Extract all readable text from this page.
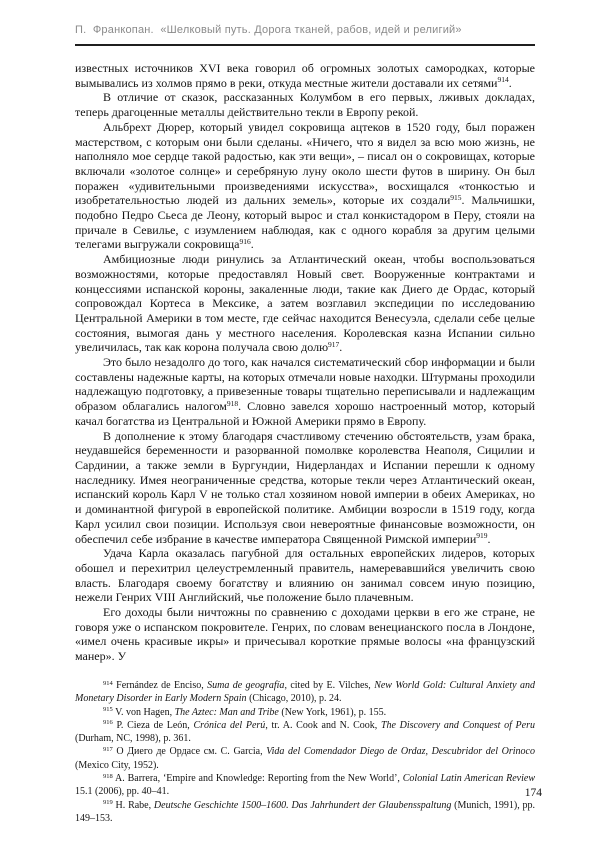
П.  Франкопан.  «Шелковый путь. Дорога тканей, рабов, идей и религий»

известных источников XVI века говорил об огромных золотых самородках, которые вымывались из холмов прямо в реки, откуда местные жители доставали их сетями$^{914}$.

В отличие от сказок, рассказанных Колумбом в его первых, лживых докладах, теперь драгоценные металлы действительно текли в Европу рекой.

Альбрехт Дюрер, который увидел сокровища ацтеков в 1520 году, был поражен мастерством, с которым они были сделаны. «Ничего, что я видел за всю мою жизнь, не наполняло мое сердце такой радостью, как эти вещи», – писал он о сокровищах, которые включали «золотое солнце» и серебряную луну около шести футов в ширину. Он был поражен «удивительными произведениями искусства», восхищался «тонкостью и изобретательностью людей из дальних земель», которые их создали$^{915}$. Мальчишки, подобно Педро Сьеса де Леону, который вырос и стал конкистадором в Перу, стояли на причале в Севилье, с изумлением наблюдая, как с одного корабля за другим целыми телегами выгружали сокровища$^{916}$.

Амбициозные люди ринулись за Атлантический океан, чтобы воспользоваться возможностями, которые предоставлял Новый свет. Вооруженные контрактами и концессиями испанской короны, закаленные люди, такие как Диего де Ордас, который сопровождал Кортеса в Мексике, а затем возглавил экспедиции по исследованию Центральной Америки в том месте, где сейчас находится Венесуэла, сделали себе целые состояния, вымогая дань у местного населения. Королевская казна Испании сильно увеличилась, так как корона получала свою долю$^{917}$.

Это было незадолго до того, как начался систематический сбор информации и были составлены надежные карты, на которых отмечали новые находки. Штурманы проходили надлежащую подготовку, а привезенные товары тщательно переписывали и надлежащим образом облагались налогом$^{918}$. Словно завелся хорошо настроенный мотор, который качал богатства из Центральной и Южной Америки прямо в Европу.

В дополнение к этому благодаря счастливому стечению обстоятельств, узам брака, неудавшейся беременности и разорванной помолвке королевства Неаполя, Сицилии и Сардинии, а также земли в Бургундии, Нидерландах и Испании перешли к одному наследнику. Имея неограниченные средства, которые текли через Атлантический океан, испанский король Карл V не только стал хозяином новой империи в обеих Америках, но и доминантной фигурой в европейской политике. Амбиции возросли в 1519 году, когда Карл усилил свои позиции. Используя свои невероятные финансовые возможности, он обеспечил себе избрание в качестве императора Священной Римской империи$^{919}$.

Удача Карла оказалась пагубной для остальных европейских лидеров, которых обошел и перехитрил целеустремленный правитель, намеревавшийся увеличить свою власть. Благодаря своему богатству и влиянию он занимал совсем иную позицию, нежели Генрих VIII Английский, чье положение было плачевным.

Его доходы были ничтожны по сравнению с доходами церкви в его же стране, не говоря уже о испанском покровителе. Генрих, по словам венецианского посла в Лондоне, «имел очень красивые икры» и причесывал короткие прямые волосы «на французский манер». У

$^{914}$ Fernández de Enciso, Suma de geografía, cited by E. Vilches, New World Gold: Cultural Anxiety and Monetary Disorder in Early Modern Spain (Chicago, 2010), p. 24.

$^{915}$ V. von Hagen, The Aztec: Man and Tribe (New York, 1961), p. 155.

$^{916}$ P. Cieza de León, Crónica del Perú, tr. A. Cook and N. Cook, The Discovery and Conquest of Peru (Durham, NC, 1998), p. 361.

$^{917}$ О Диего де Ордасе см. C. Garcia, Vida del Comendador Diego de Ordaz, Descubridor del Orinoco (Mexico City, 1952).

$^{918}$ A. Barrera, ‘Empire and Knowledge: Reporting from the New World’, Colonial Latin American Review 15.1 (2006), pp. 40–41.

$^{919}$ H. Rabe, Deutsche Geschichte 1500–1600. Das Jahrhundert der Glaubensspaltung (Munich, 1991), pp. 149–153.

174
